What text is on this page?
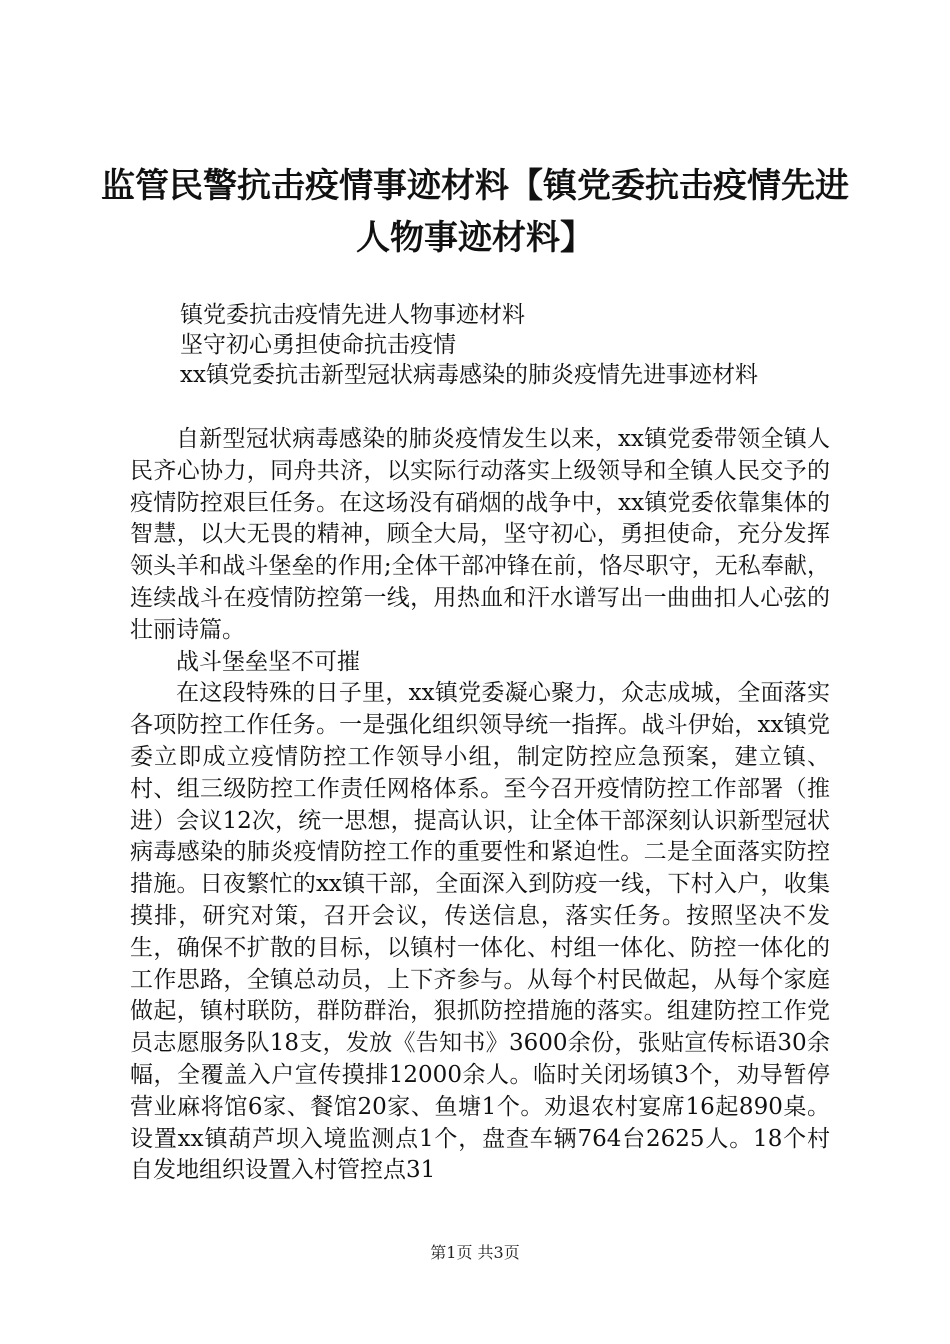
监管民警抗击疫情事迹材料【镇党委抗击疫情先进人物事迹材料】
镇党委抗击疫情先进人物事迹材料
坚守初心勇担使命抗击疫情
xx镇党委抗击新型冠状病毒感染的肺炎疫情先进事迹材料

自新型冠状病毒感染的肺炎疫情发生以来，xx镇党委带领全镇人民齐心协力，同舟共济，以实际行动落实上级领导和全镇人民交予的疫情防控艰巨任务。在这场没有硝烟的战争中，xx镇党委依靠集体的智慧，以大无畏的精神，顾全大局，坚守初心，勇担使命，充分发挥领头羊和战斗堡垒的作用;全体干部冲锋在前，恪尽职守，无私奉献，连续战斗在疫情防控第一线，用热血和汗水谱写出一曲曲扣人心弦的壮丽诗篇。

战斗堡垒坚不可摧

在这段特殊的日子里，xx镇党委凝心聚力，众志成城，全面落实各项防控工作任务。一是强化组织领导统一指挥。战斗伊始，xx镇党委立即成立疫情防控工作领导小组，制定防控应急预案，建立镇、村、组三级防控工作责任网格体系。至今召开疫情防控工作部署（推进）会议12次，统一思想，提高认识，让全体干部深刻认识新型冠状病毒感染的肺炎疫情防控工作的重要性和紧迫性。二是全面落实防控措施。日夜繁忙的xx镇干部，全面深入到防疫一线，下村入户，收集摸排，研究对策，召开会议，传送信息，落实任务。按照坚决不发生，确保不扩散的目标，以镇村一体化、村组一体化、防控一体化的工作思路，全镇总动员，上下齐参与。从每个村民做起，从每个家庭做起，镇村联防，群防群治，狠抓防控措施的落实。组建防控工作党员志愿服务队18支，发放《告知书》3600余份，张贴宣传标语30余幅，全覆盖入户宣传摸排12000余人。临时关闭场镇3个，劝导暂停营业麻将馆6家、餐馆20家、鱼塘1个。劝退农村宴席16起890桌。设置xx镇葫芦坝入境监测点1个，盘查车辆764台2625人。18个村自发地组织设置入村管控点31

第1页 共3页
